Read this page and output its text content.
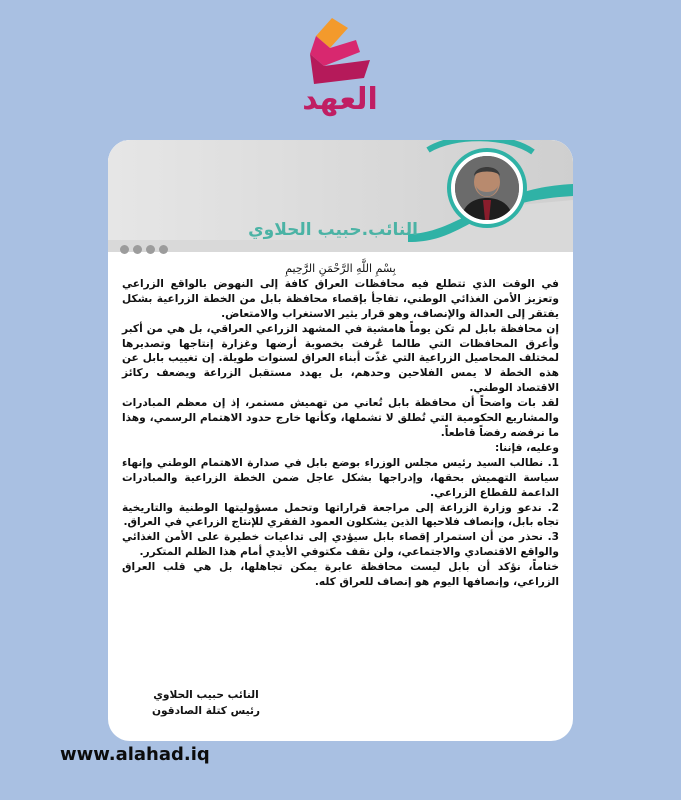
العهد
النائب.حبيب الحلاوي

بِسْمِ اللَّهِ الرَّحْمَنِ الرَّحِيمِ

في الوقت الذي تتطلع فيه محافظات العراق كافة إلى النهوض بالواقع الزراعي وتعزيز الأمن الغذائي الوطني، تفاجأ بإقصاء محافظة بابل من الخطة الزراعية بشكل يفتقر إلى العدالة والإنصاف، وهو قرار يثير الاستغراب والامتعاض.

إن محافظة بابل لم تكن يوماً هامشية في المشهد الزراعي العراقي، بل هي من أكبر وأعرق المحافظات التي طالما عُرفت بخصوبة أرضها وغزارة إنتاجها وتصديرها لمختلف المحاصيل الزراعية التي غذّت أبناء العراق لسنوات طويلة. إن تغييب بابل عن هذه الخطة لا يمس الفلاحين وحدهم، بل يهدد مستقبل الزراعة ويضعف ركائز الاقتصاد الوطني.

لقد بات واضحاً أن محافظة بابل تُعاني من تهميش مستمر، إذ إن معظم المبادرات والمشاريع الحكومية التي تُطلق لا تشملها، وكأنها خارج حدود الاهتمام الرسمي، وهذا ما نرفضه رفضاً قاطعاً.

وعليه، فإننا:

1. نطالب السيد رئيس مجلس الوزراء بوضع بابل في صدارة الاهتمام الوطني وإنهاء سياسة التهميش بحقها، وإدراجها بشكل عاجل ضمن الخطة الزراعية والمبادرات الداعمة للقطاع الزراعي.

2. ندعو وزارة الزراعة إلى مراجعة قراراتها وتحمل مسؤوليتها الوطنية والتاريخية تجاه بابل، وإنصاف فلاحيها الذين يشكلون العمود الفقري للإنتاج الزراعي في العراق.

3. نحذر من أن استمرار إقصاء بابل سيؤدي إلى تداعيات خطيرة على الأمن الغذائي والواقع الاقتصادي والاجتماعي، ولن نقف مكتوفي الأيدي أمام هذا الظلم المتكرر.

ختاماً، نؤكد أن بابل ليست محافظة عابرة يمكن تجاهلها، بل هي قلب العراق الزراعي، وإنصافها اليوم هو إنصاف للعراق كله.

النائب حبيب الحلاوي
رئيس كتلة الصادقون
www.alahad.iq
